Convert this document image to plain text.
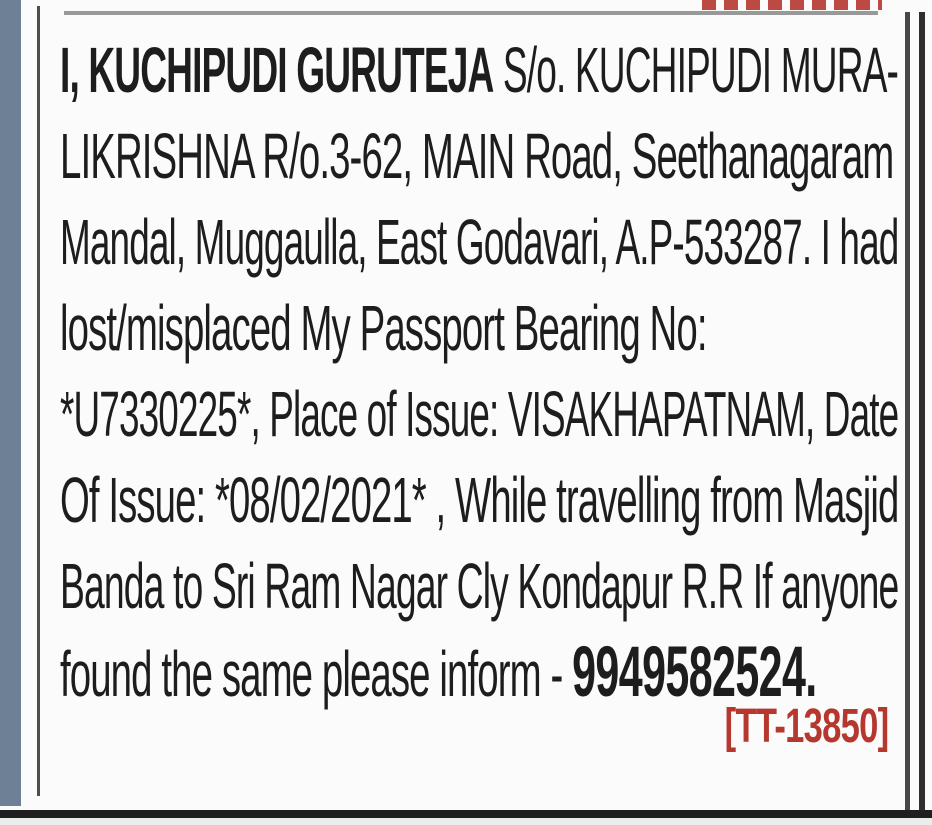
I, KUCHIPUDI GURUTEJA S/o. KUCHIPUDI MURA-
LIKRISHNA R/o.3-62, MAIN Road, Seethanagaram
Mandal, Muggaulla, East Godavari, A.P-533287. I had
lost/misplaced My Passport Bearing No:
*U7330225*, Place of Issue: VISAKHAPATNAM, Date
Of Issue: *08/02/2021* , While travelling from Masjid
Banda to Sri Ram Nagar Cly Kondapur R.R If anyone
found the same please inform - 9949582524.
[TT-13850]
